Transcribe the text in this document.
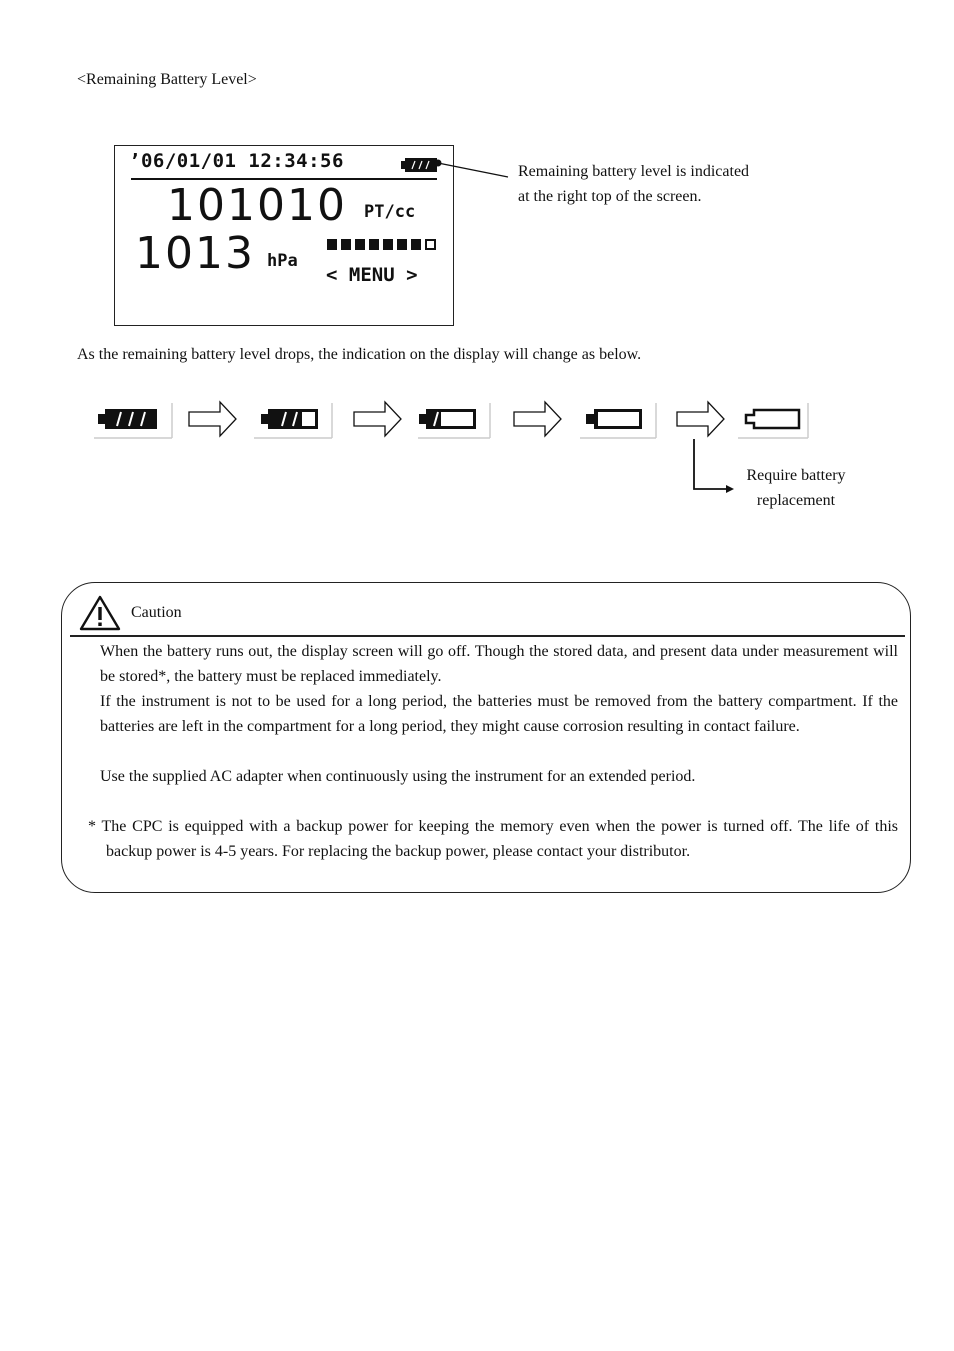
<Remaining Battery Level>
’06/01/01 12:34:56
101010 PT/cc
1013 hPa
< MENU >
Remaining battery level is indicated
at the right top of the screen.
As the remaining battery level drops, the indication on the display will change as below.
Require battery
replacement
Caution
When the battery runs out, the display screen will go off. Though the stored data, and present data under measurement will be stored*, the battery must be replaced immediately.
If the instrument is not to be used for a long period, the batteries must be removed from the battery compartment. If the batteries are left in the compartment for a long period, they might cause corrosion resulting in contact failure.
Use the supplied AC adapter when continuously using the instrument for an extended period.
* The CPC is equipped with a backup power for keeping the memory even when the power is turned off. The life of this backup power is 4-5 years. For replacing the backup power, please contact your distributor.
